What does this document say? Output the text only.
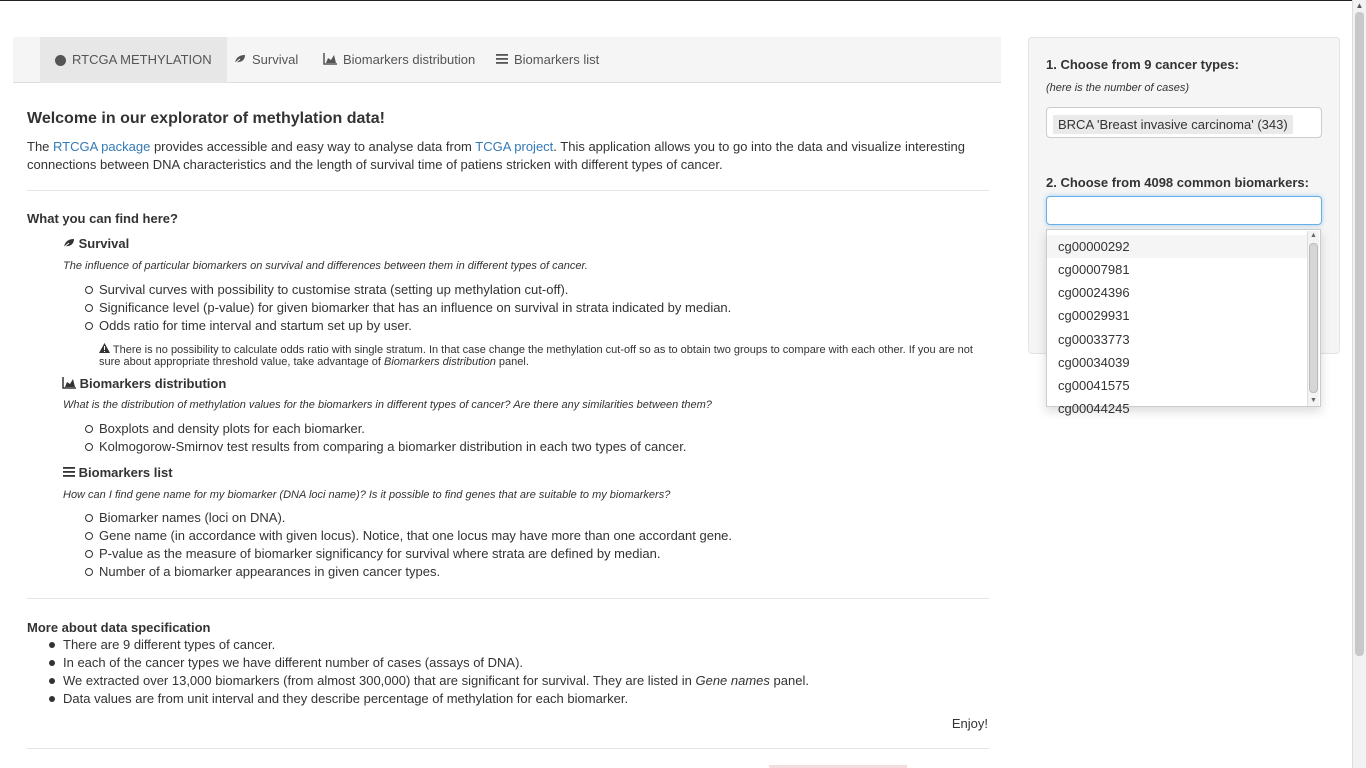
i RTCGA METHYLATION	Survival	Biomarkers distribution	Biomarkers list
Welcome in our explorator of methylation data!
The RTCGA package provides accessible and easy way to analyse data from TCGA project. This application allows you to go into the data and visualize interesting connections between DNA characteristics and the length of survival time of patiens stricken with different types of cancer.
What you can find here?
Survival
The influence of particular biomarkers on survival and differences between them in different types of cancer.
Survival curves with possibility to customise strata (setting up methylation cut-off).
Significance level (p-value) for given biomarker that has an influence on survival in strata indicated by median.
Odds ratio for time interval and startum set up by user.
There is no possibility to calculate odds ratio with single stratum. In that case change the methylation cut-off so as to obtain two groups to compare with each other. If you are not sure about appropriate threshold value, take advantage of Biomarkers distribution panel.
Biomarkers distribution
What is the distribution of methylation values for the biomarkers in different types of cancer? Are there any similarities between them?
Boxplots and density plots for each biomarker.
Kolmogorow-Smirnov test results from comparing a biomarker distribution in each two types of cancer.
Biomarkers list
How can I find gene name for my biomarker (DNA loci name)? Is it possible to find genes that are suitable to my biomarkers?
Biomarker names (loci on DNA).
Gene name (in accordance with given locus). Notice, that one locus may have more than one accordant gene.
P-value as the measure of biomarker significancy for survival where strata are defined by median.
Number of a biomarker appearances in given cancer types.
More about data specification
There are 9 different types of cancer.
In each of the cancer types we have different number of cases (assays of DNA).
We extracted over 13,000 biomarkers (from almost 300,000) that are significant for survival. They are listed in Gene names panel.
Data values are from unit interval and they describe percentage of methylation for each biomarker.
Enjoy!
1. Choose from 9 cancer types:
(here is the number of cases)
BRCA 'Breast invasive carcinoma' (343)
2. Choose from 4098 common biomarkers:
cg00000292
cg00007981
cg00024396
cg00029931
cg00033773
cg00034039
cg00041575
cg00044245
▲
▼
▲
